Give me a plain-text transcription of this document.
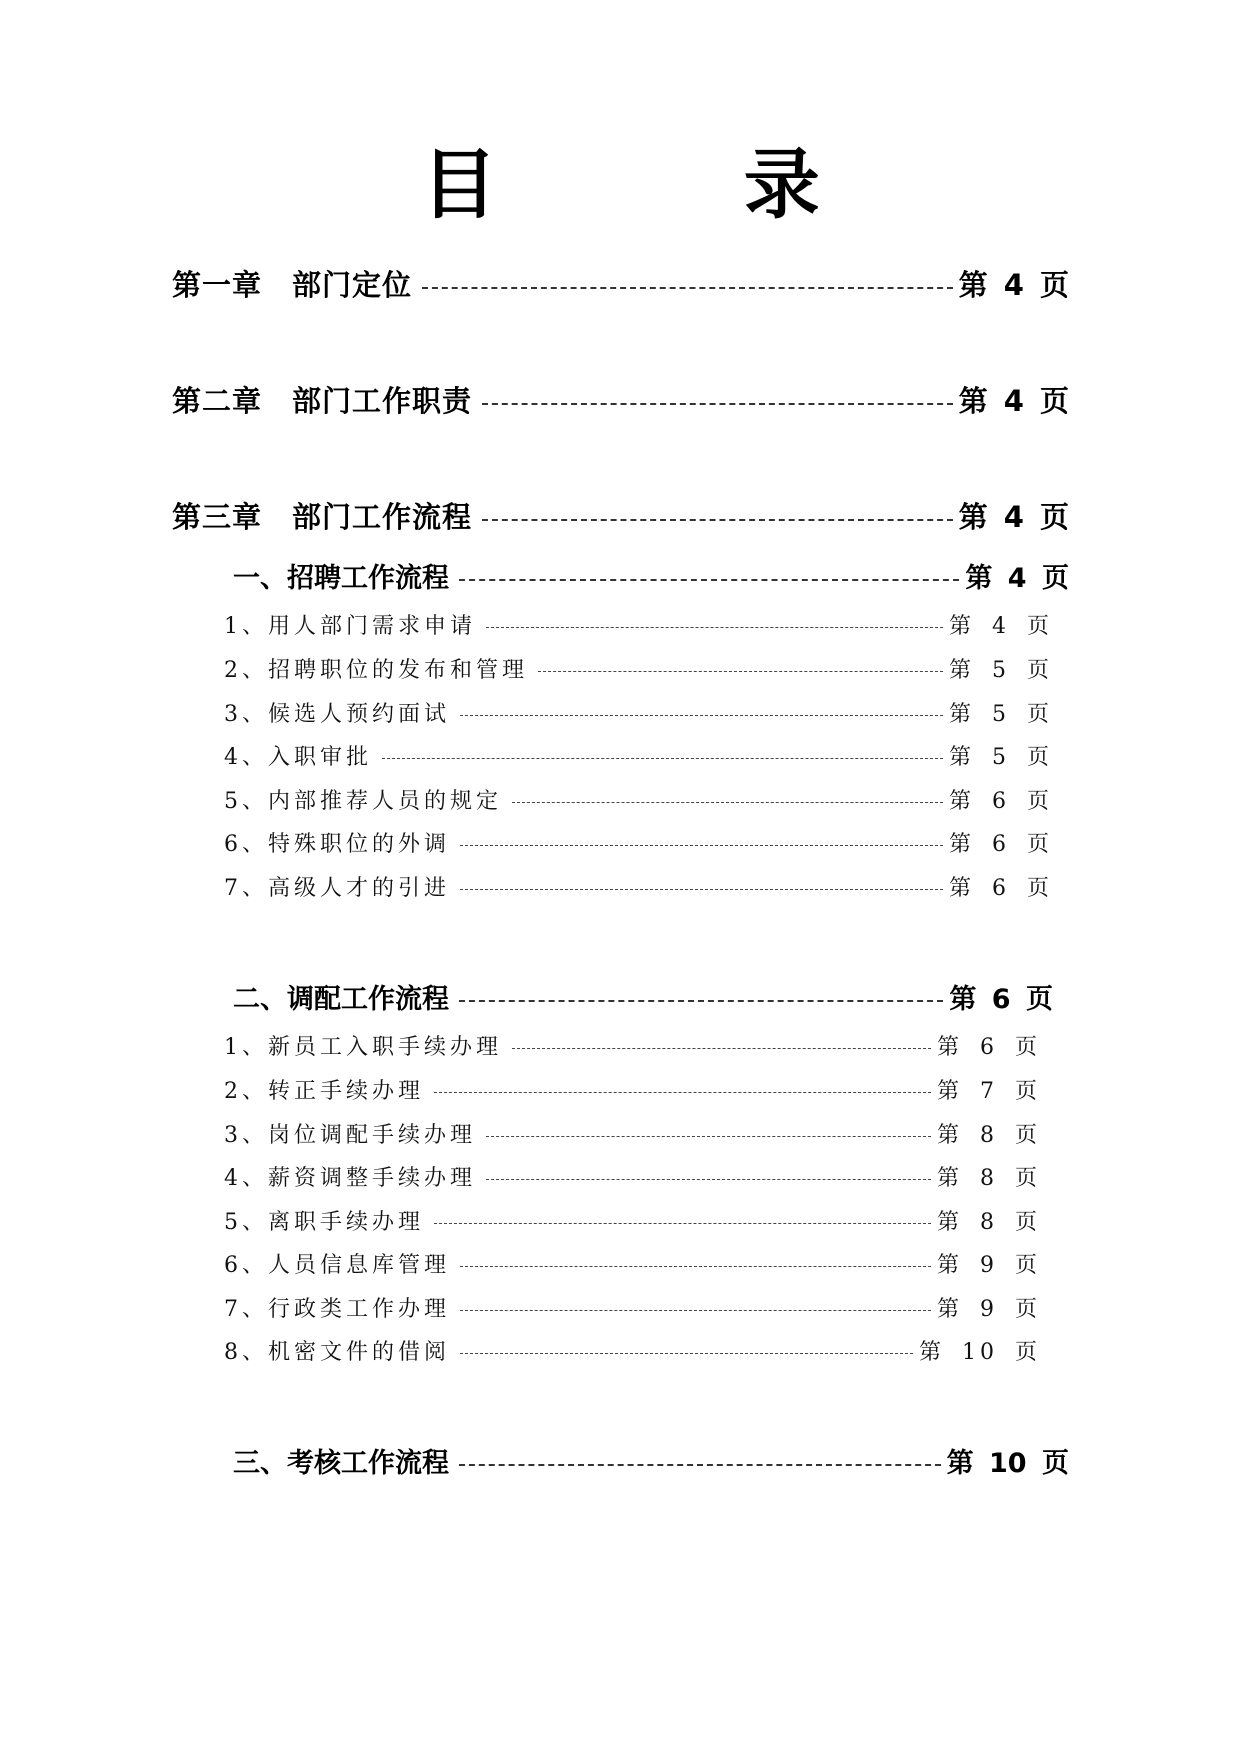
目 录
第一章　部门定位	第 4 页
第二章　部门工作职责	第 4 页
第三章　部门工作流程	第 4 页
一、招聘工作流程	第 4 页
1、用人部门需求申请	第 4 页
2、招聘职位的发布和管理	第 5 页
3、候选人预约面试	第 5 页
4、入职审批	第 5 页
5、内部推荐人员的规定	第 6 页
6、特殊职位的外调	第 6 页
7、高级人才的引进	第 6 页
二、调配工作流程	第 6 页
1、新员工入职手续办理	第 6 页
2、转正手续办理	第 7 页
3、岗位调配手续办理	第 8 页
4、薪资调整手续办理	第 8 页
5、离职手续办理	第 8 页
6、人员信息库管理	第 9 页
7、行政类工作办理	第 9 页
8、机密文件的借阅	第 10 页
三、考核工作流程	第 10 页
